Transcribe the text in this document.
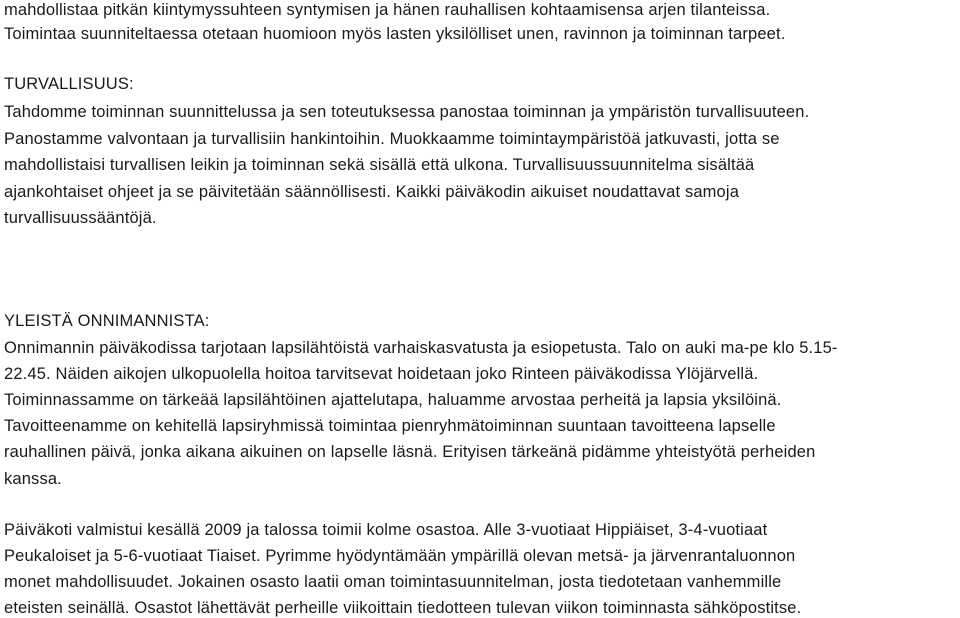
mahdollistaa pitkän kiintymyssuhteen syntymisen ja hänen rauhallisen kohtaamisensa arjen tilanteissa.

Toimintaa suunniteltaessa otetaan huomioon myös lasten yksilölliset unen, ravinnon ja toiminnan tarpeet.

TURVALLISUUS:

Tahdomme toiminnan suunnittelussa ja sen toteutuksessa panostaa toiminnan ja ympäristön turvallisuuteen.

Panostamme valvontaan ja turvallisiin hankintoihin. Muokkaamme toimintaympäristöä jatkuvasti, jotta se

mahdollistaisi turvallisen leikin ja toiminnan sekä sisällä että ulkona. Turvallisuussuunnitelma sisältää

ajankohtaiset ohjeet ja se päivitetään säännöllisesti. Kaikki päiväkodin aikuiset noudattavat samoja

turvallisuussääntöjä.

YLEISTÄ ONNIMANNISTA:

Onnimannin päiväkodissa tarjotaan lapsilähtöistä varhaiskasvatusta ja esiopetusta. Talo on auki ma-pe klo 5.15-

22.45. Näiden aikojen ulkopuolella hoitoa tarvitsevat hoidetaan joko Rinteen päiväkodissa Ylöjärvellä.

Toiminnassamme on tärkeää lapsilähtöinen ajattelutapa, haluamme arvostaa perheitä ja lapsia yksilöinä.

Tavoitteenamme on kehitellä lapsiryhmissä toimintaa pienryhmätoiminnan suuntaan tavoitteena lapselle

rauhallinen päivä, jonka aikana aikuinen on lapselle läsnä. Erityisen tärkeänä pidämme yhteistyötä perheiden

kanssa.

Päiväkoti valmistui kesällä 2009 ja talossa toimii kolme osastoa. Alle 3-vuotiaat Hippiäiset, 3-4-vuotiaat

Peukaloiset ja 5-6-vuotiaat Tiaiset. Pyrimme hyödyntämään ympärillä olevan metsä- ja järvenrantaluonnon

monet mahdollisuudet. Jokainen osasto laatii oman toimintasuunnitelman, josta tiedotetaan vanhemmille

eteisten seinällä. Osastot lähettävät perheille viikoittain tiedotteen tulevan viikon toiminnasta sähköpostitse.
